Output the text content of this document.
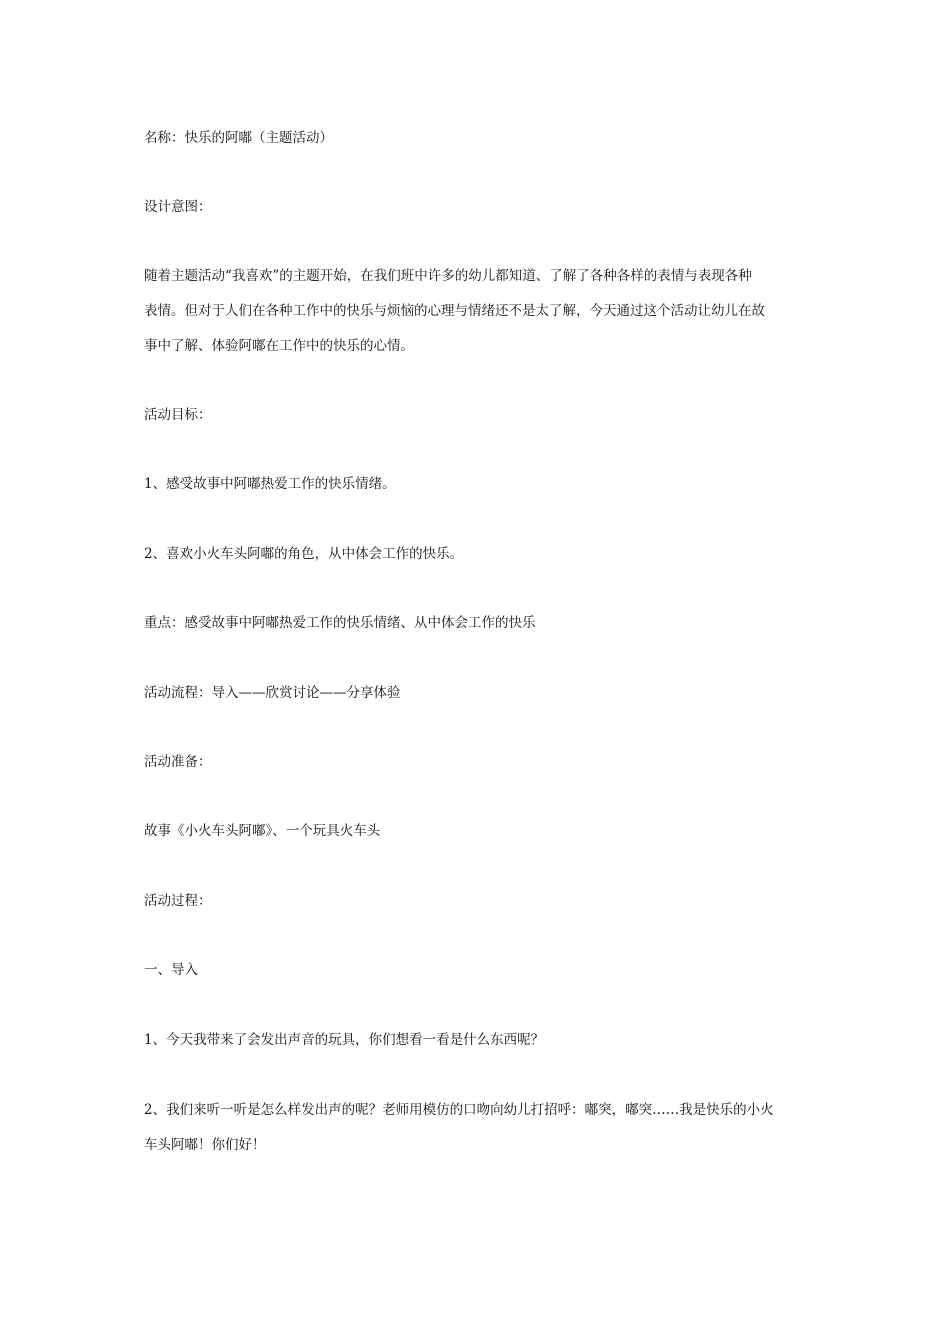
名称：快乐的阿嘟（主题活动）
设计意图：
随着主题活动“我喜欢”的主题开始，在我们班中许多的幼儿都知道、了解了各种各样的表情与表现各种
表情。但对于人们在各种工作中的快乐与烦恼的心理与情绪还不是太了解，今天通过这个活动让幼儿在故
事中了解、体验阿嘟在工作中的快乐的心情。
活动目标：
1、感受故事中阿嘟热爱工作的快乐情绪。
2、喜欢小火车头阿嘟的角色，从中体会工作的快乐。
重点：感受故事中阿嘟热爱工作的快乐情绪、从中体会工作的快乐
活动流程：导入——欣赏讨论——分享体验
活动准备：
故事《小火车头阿嘟》、一个玩具火车头
活动过程：
一、导入
1、今天我带来了会发出声音的玩具，你们想看一看是什么东西呢？
2、我们来听一听是怎么样发出声的呢？老师用模仿的口吻向幼儿打招呼：嘟突，嘟突……我是快乐的小火
车头阿嘟！你们好！
